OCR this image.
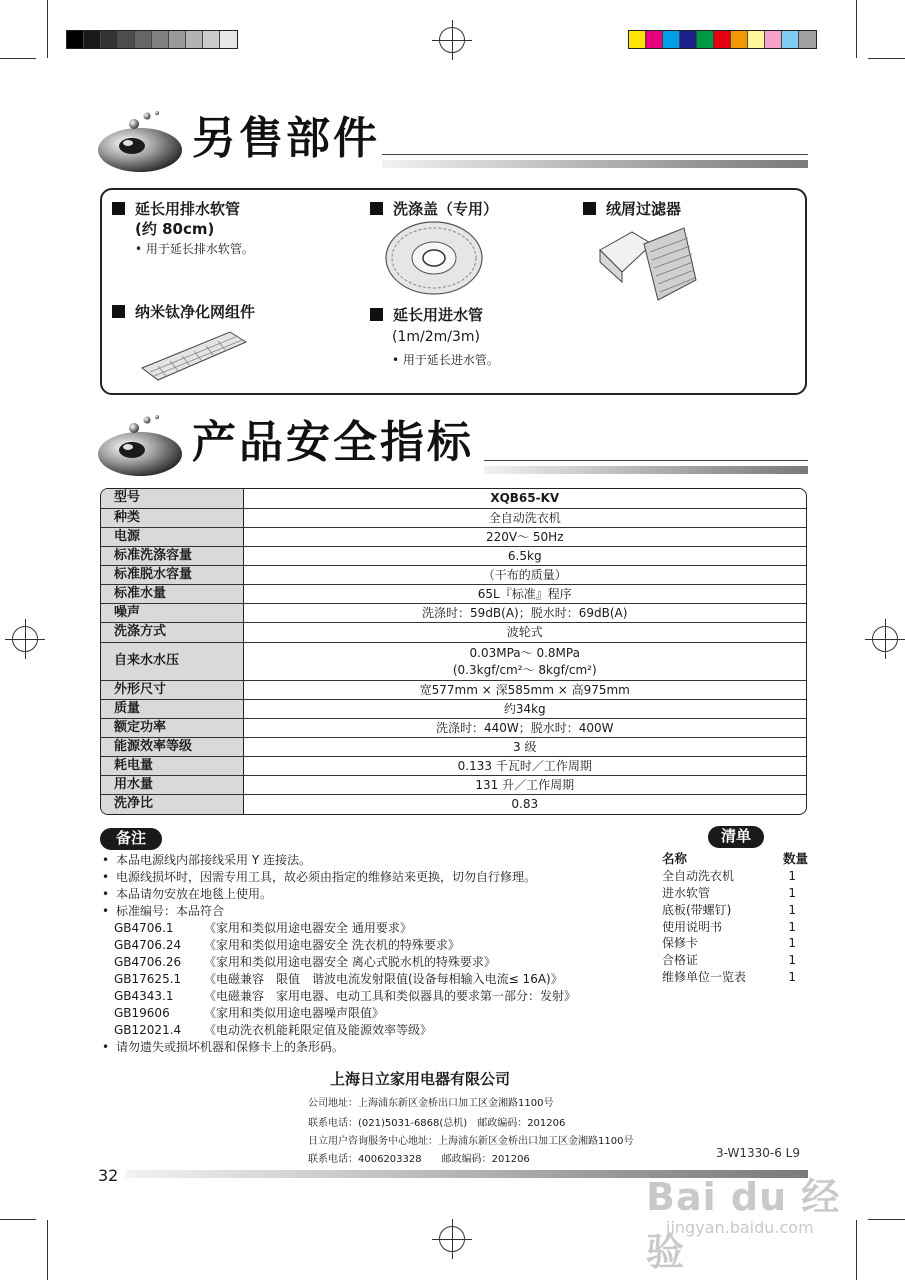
另售部件
延长用排水软管
(约 80cm)
• 用于延长排水软管。
洗涤盖（专用）	绒屑过滤器
纳米钛净化网组件	延长用进水管
(1m/2m/3m)
• 用于延长进水管。
产品安全指标
型号	XQB65-KV
种类	全自动洗衣机
电源	220V～ 50Hz
标准洗涤容量	6.5kg
标准脱水容量	（干布的质量）
标准水量	65L『标准』程序
噪声	洗涤时：59dB(A)；脱水时：69dB(A)
洗涤方式	波轮式
自来水水压	0.03MPa～ 0.8MPa
(0.3kgf/cm²～ 8kgf/cm²)

外形尺寸	宽577mm × 深585mm × 高975mm
质量	约34kg
额定功率	洗涤时：440W；脱水时：400W
能源效率等级	3 级
耗电量	0.133 千瓦时／工作周期
用水量	131 升／工作周期
洗净比	0.83
备注
• 本品电源线内部接线采用 Y 连接法。
• 电源线损坏时，因需专用工具，故必须由指定的维修站来更换，切勿自行修理。
• 本品请勿安放在地毯上使用。
• 标准编号：本品符合
GB4706.1	《家用和类似用途电器安全 通用要求》
GB4706.24 《家用和类似用途电器安全 洗衣机的特殊要求》
GB4706.26 《家用和类似用途电器安全 离心式脱水机的特殊要求》
GB17625.1 《电磁兼容　限值　谐波电流发射限值(设备每相输入电流≤ 16A)》
GB4343.1	《电磁兼容　家用电器、电动工具和类似器具的要求第一部分：发射》
GB19606	《家用和类似用途电器噪声限值》
GB12021.4 《电动洗衣机能耗限定值及能源效率等级》
• 请勿遗失或损坏机器和保修卡上的条形码。
清单
名称	数量
全自动洗衣机	1
进水软管	1
底板(带螺钉)	1
使用说明书	1
保修卡	1
合格证	1
维修单位一览表	1
上海日立家用电器有限公司
公司地址：上海浦东新区金桥出口加工区金湘路1100号
联系电话：(021)5031-6868(总机)　邮政编码：201206
日立用户咨询服务中心地址：上海浦东新区金桥出口加工区金湘路1100号
联系电话：4006203328　　邮政编码：201206	3-W1330-6 L9
32	Bai du 经验
jingyan.baidu.com
